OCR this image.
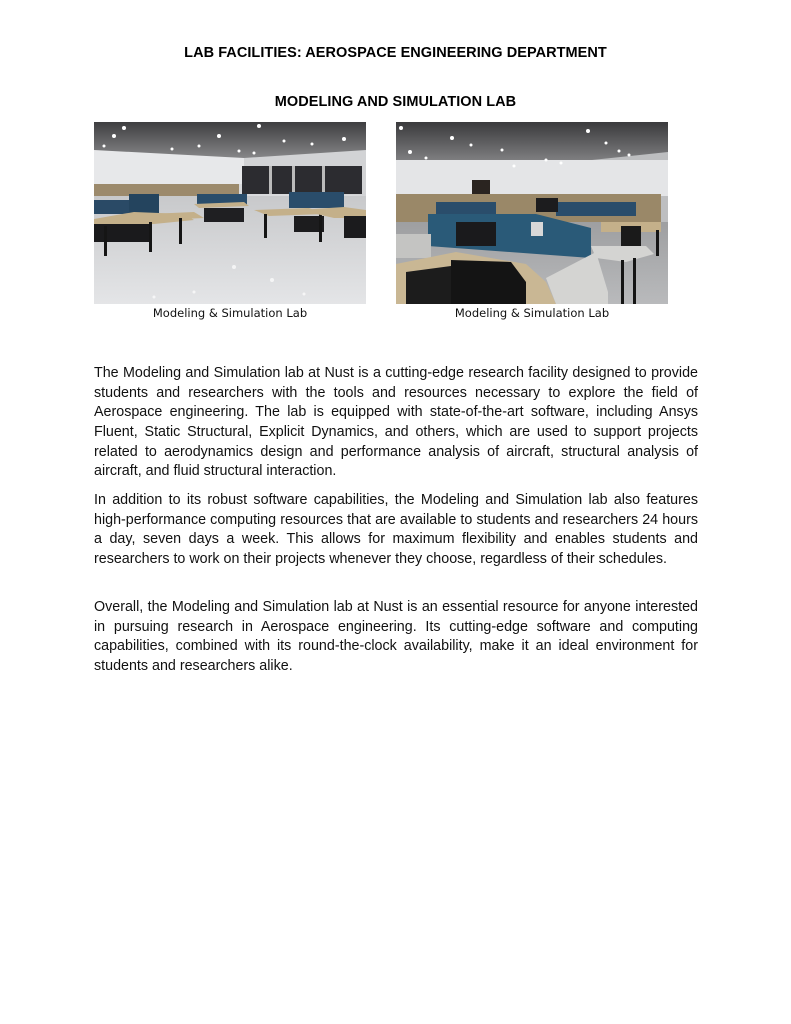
LAB FACILITIES: AEROSPACE ENGINEERING DEPARTMENT
MODELING AND SIMULATION LAB
Modeling & Simulation Lab	Modeling & Simulation Lab

The Modeling and Simulation lab at Nust is a cutting-edge research facility designed to provide students and researchers with the tools and resources necessary to explore the field of Aerospace engineering. The lab is equipped with state-of-the-art software, including Ansys Fluent, Static Structural, Explicit Dynamics, and others, which are used to support projects related to aerodynamics design and performance analysis of aircraft, structural analysis of aircraft, and fluid structural interaction.

In addition to its robust software capabilities, the Modeling and Simulation lab also features high-performance computing resources that are available to students and researchers 24 hours a day, seven days a week. This allows for maximum flexibility and enables students and researchers to work on their projects whenever they choose, regardless of their schedules.

Overall, the Modeling and Simulation lab at Nust is an essential resource for anyone interested in pursuing research in Aerospace engineering. Its cutting-edge software and computing capabilities, combined with its round-the-clock availability, make it an ideal environment for students and researchers alike.
